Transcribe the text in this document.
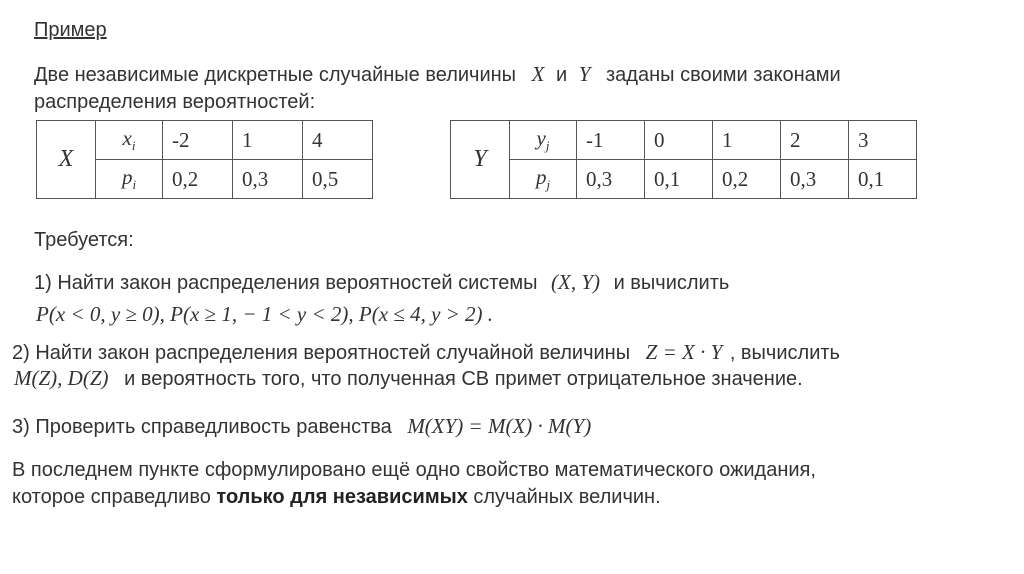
Пример
Две независимые дискретные случайные величины X и Y заданы своими законами
распределения вероятностей:
X	$x_i$	-2	1	4
	$p_i$	0,2	0,3	0,5
Y	$y_j$	-1	0	1	2	3
	$p_j$	0,3	0,1	0,2	0,3	0,1
Требуется:
1) Найти закон распределения вероятностей системы (X, Y) и вычислить
P(x < 0, y ≥ 0), P(x ≥ 1, − 1 < y < 2), P(x ≤ 4, y > 2) .
2) Найти закон распределения вероятностей случайной величины Z = X · Y , вычислить
M(Z), D(Z) и вероятность того, что полученная СВ примет отрицательное значение.
3) Проверить справедливость равенства M(XY) = M(X) · M(Y)
В последнем пункте сформулировано ещё одно свойство математического ожидания,
которое справедливо только для независимых случайных величин.
